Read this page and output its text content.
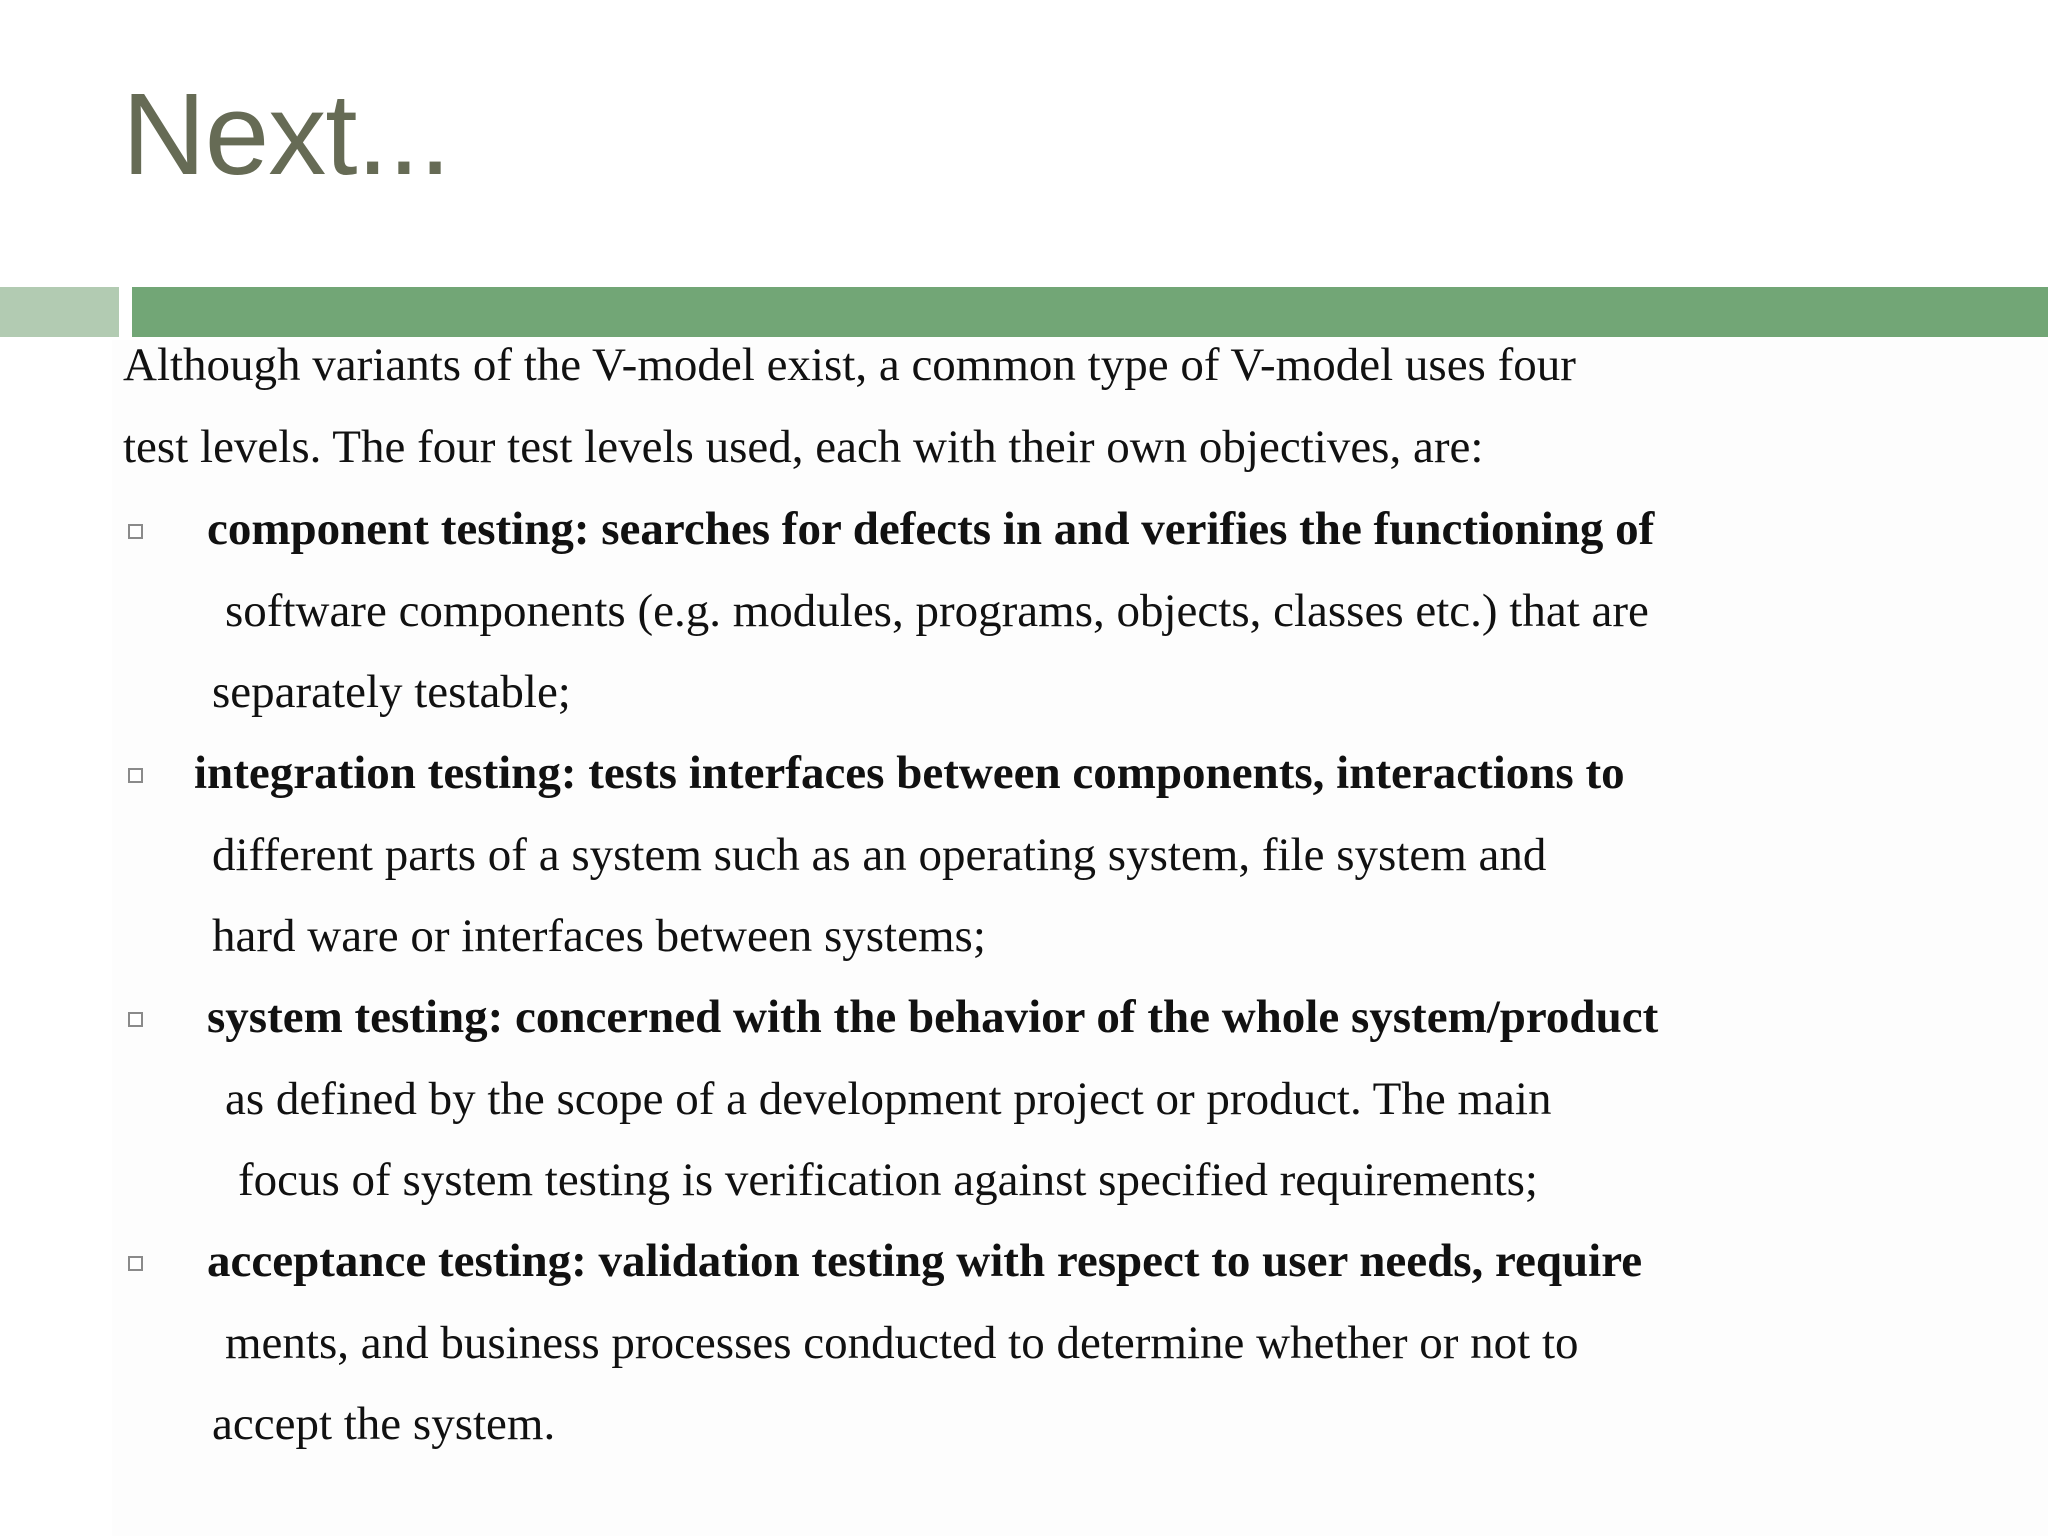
Next...
Although variants of the V-model exist, a common type of V-model uses four
test levels. The four test levels used, each with their own objectives, are:
component testing: searches for defects in and verifies the functioning of
software components (e.g. modules, programs, objects, classes etc.) that are
separately testable;
integration testing: tests interfaces between components, interactions to
different parts of a system such as an operating system, file system and
hard ware or interfaces between systems;
system testing: concerned with the behavior of the whole system/product
as defined by the scope of a development project or product. The main
focus of system testing is verification against specified requirements;
acceptance testing: validation testing with respect to user needs, require
ments, and business processes conducted to determine whether or not to
accept the system.
